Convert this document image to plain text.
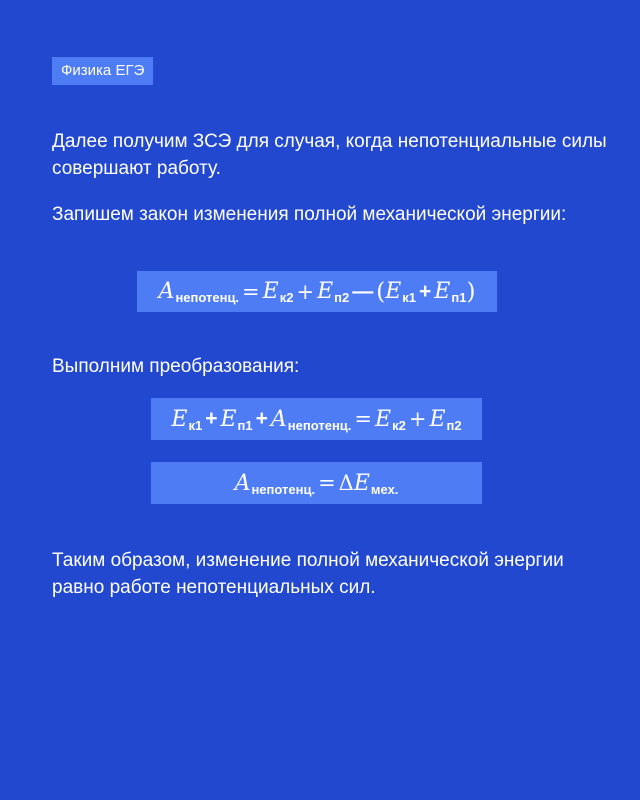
Физика ЕГЭ

Далее получим ЗСЭ для случая, когда непотенциальные силы совершают работу.

Запишем закон изменения полной механической энергии:

A непотенц. = E к2 + E п2 — ( E к1 + E п1 )

Выполним преобразования:

E к1 + E п1 + A непотенц. = E к2 + E п2
A непотенц. = Δ E мех.

Таким образом, изменение полной механической энергии равно работе непотенциальных сил.
